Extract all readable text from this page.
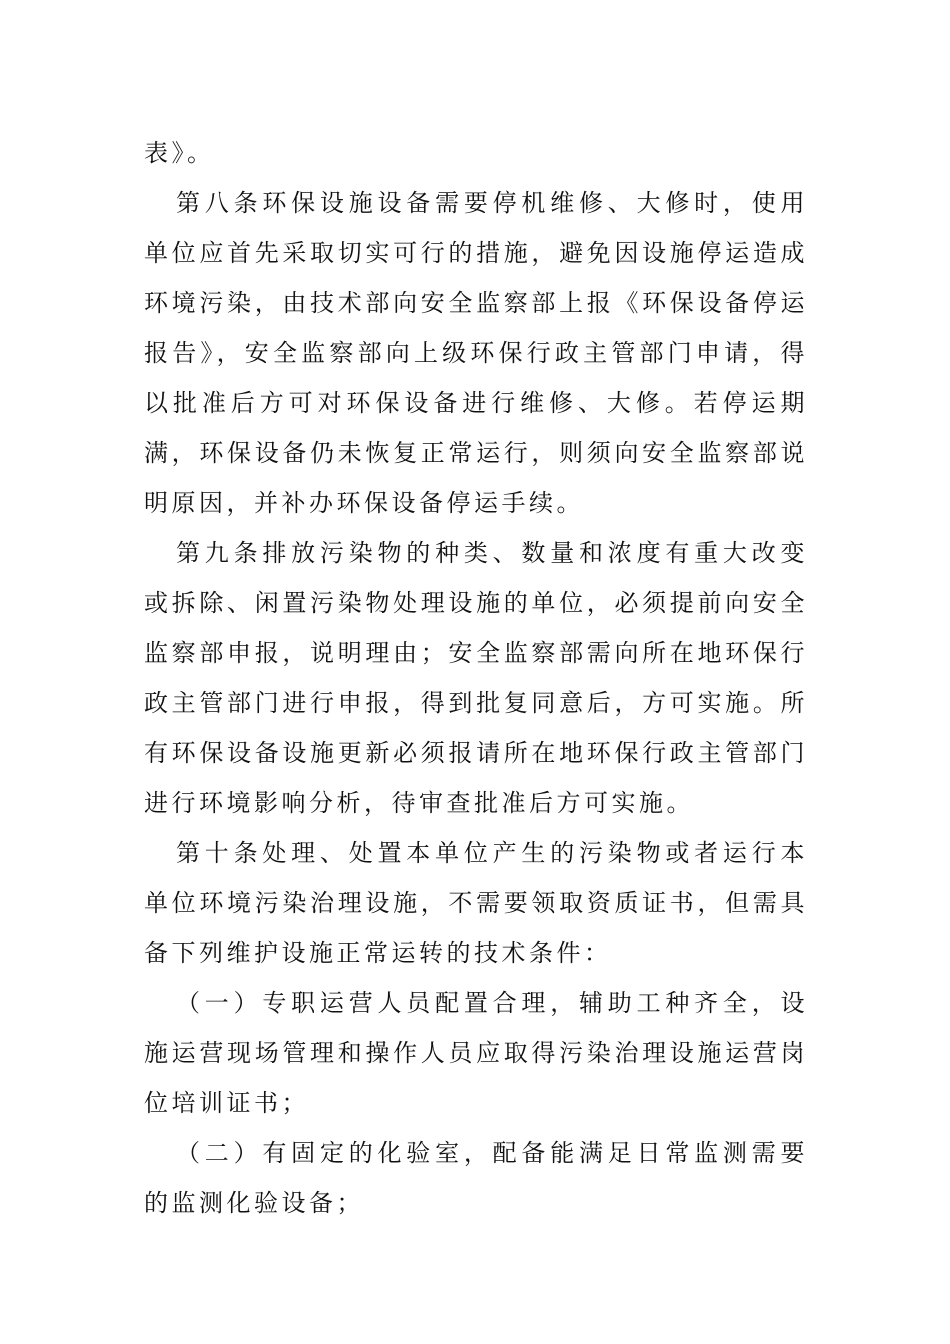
表》。

第八条环保设施设备需要停机维修、大修时，使用单位应首先采取切实可行的措施，避免因设施停运造成环境污染，由技术部向安全监察部上报《环保设备停运报告》，安全监察部向上级环保行政主管部门申请，得以批准后方可对环保设备进行维修、大修。若停运期满，环保设备仍未恢复正常运行，则须向安全监察部说明原因，并补办环保设备停运手续。

第九条排放污染物的种类、数量和浓度有重大改变或拆除、闲置污染物处理设施的单位，必须提前向安全监察部申报，说明理由；安全监察部需向所在地环保行政主管部门进行申报，得到批复同意后，方可实施。所有环保设备设施更新必须报请所在地环保行政主管部门进行环境影响分析，待审查批准后方可实施。

第十条处理、处置本单位产生的污染物或者运行本单位环境污染治理设施，不需要领取资质证书，但需具备下列维护设施正常运转的技术条件：

（一）专职运营人员配置合理，辅助工种齐全，设施运营现场管理和操作人员应取得污染治理设施运营岗位培训证书；

（二）有固定的化验室，配备能满足日常监测需要的监测化验设备；
